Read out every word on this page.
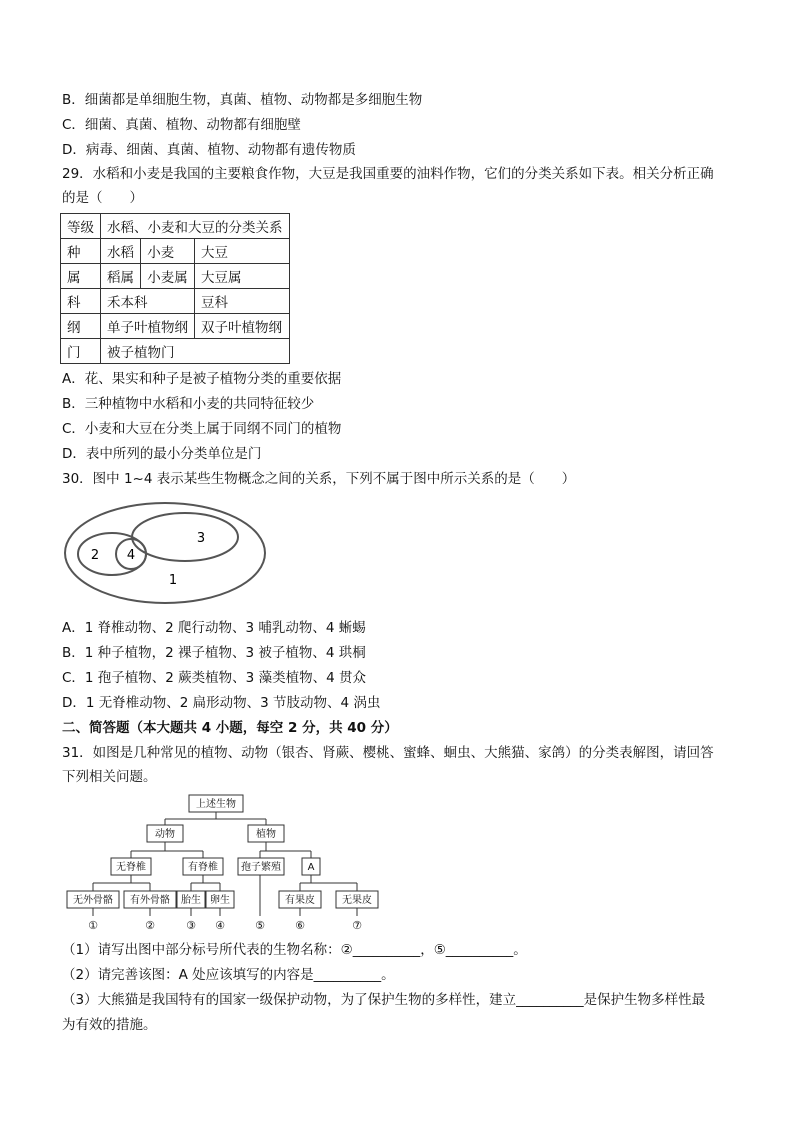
B．细菌都是单细胞生物，真菌、植物、动物都是多细胞生物
C．细菌、真菌、植物、动物都有细胞壁
D．病毒、细菌、真菌、植物、动物都有遗传物质
29．水稻和小麦是我国的主要粮食作物，大豆是我国重要的油料作物，它们的分类关系如下表。相关分析正确
的是（　　）
等级	水稻、小麦和大豆的分类关系		
种	水稻	小麦	大豆
属	稻属	小麦属	大豆属
科	禾本科		豆科
纲	单子叶植物纲		双子叶植物纲
门	被子植物门		
A．花、果实和种子是被子植物分类的重要依据
B．三种植物中水稻和小麦的共同特征较少
C．小麦和大豆在分类上属于同纲不同门的植物
D．表中所列的最小分类单位是门
30．图中 1~4 表示某些生物概念之间的关系，下列不属于图中所示关系的是（　　）
1
2
3
4
A．1 脊椎动物、2 爬行动物、3 哺乳动物、4 蜥蜴
B．1 种子植物，2 裸子植物、3 被子植物、4 珙桐
C．1 孢子植物、2 蕨类植物、3 藻类植物、4 贯众
D．1 无脊椎动物、2 扁形动物、3 节肢动物、4 涡虫
二、简答题（本大题共 4 小题，每空 2 分，共 40 分）
31．如图是几种常见的植物、动物（银杏、肾蕨、樱桃、蜜蜂、蛔虫、大熊猫、家鸽）的分类表解图，请回答
下列相关问题。
上述生物
动物	植物
无脊椎	有脊椎 孢子繁殖	A
无外骨骼 有外骨骼 胎生 卵生	有果皮	无果皮
①	②	③ ④	⑤	⑥	⑦
（1）请写出图中部分标号所代表的生物名称：②__________，⑤__________。
（2）请完善该图：A 处应该填写的内容是__________。
（3）大熊猫是我国特有的国家一级保护动物，为了保护生物的多样性，建立__________是保护生物多样性最
为有效的措施。
